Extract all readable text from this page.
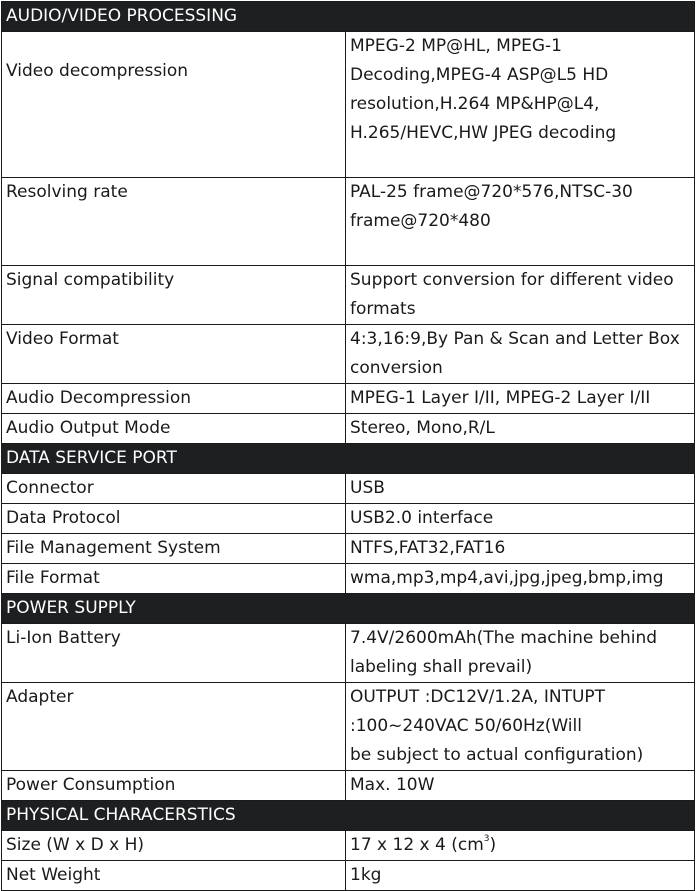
AUDIO/VIDEO PROCESSING	
Video decompression	MPEG-2 MP@HL, MPEG-1
Decoding,MPEG-4 ASP@L5 HD
resolution,H.264 MP&HP@L4,
H.265/HEVC,HW JPEG decoding

Resolving rate	PAL-25 frame@720*576,NTSC-30
frame@720*480

Signal compatibility	Support conversion for different video
formats

Video Format	4:3,16:9,By Pan & Scan and Letter Box
conversion

Audio Decompression	MPEG-1 Layer I/II, MPEG-2 Layer I/II

Audio Output Mode	Stereo, Mono,R/L

DATA SERVICE PORT	
Connector	USB

Data Protocol	USB2.0 interface

File Management System	NTFS,FAT32,FAT16

File Format	wma,mp3,mp4,avi,jpg,jpeg,bmp,img

POWER SUPPLY	
Li-Ion Battery	7.4V/2600mAh(The machine behind
labeling shall prevail)

Adapter	OUTPUT :DC12V/1.2A, INTUPT
:100~240VAC 50/60Hz(Will
be subject to actual configuration)

Power Consumption	Max. 10W

PHYSICAL CHARACERSTICS	
Size (W x D x H)	17 x 12 x 4 $(cm^3)$

Net Weight	1kg
